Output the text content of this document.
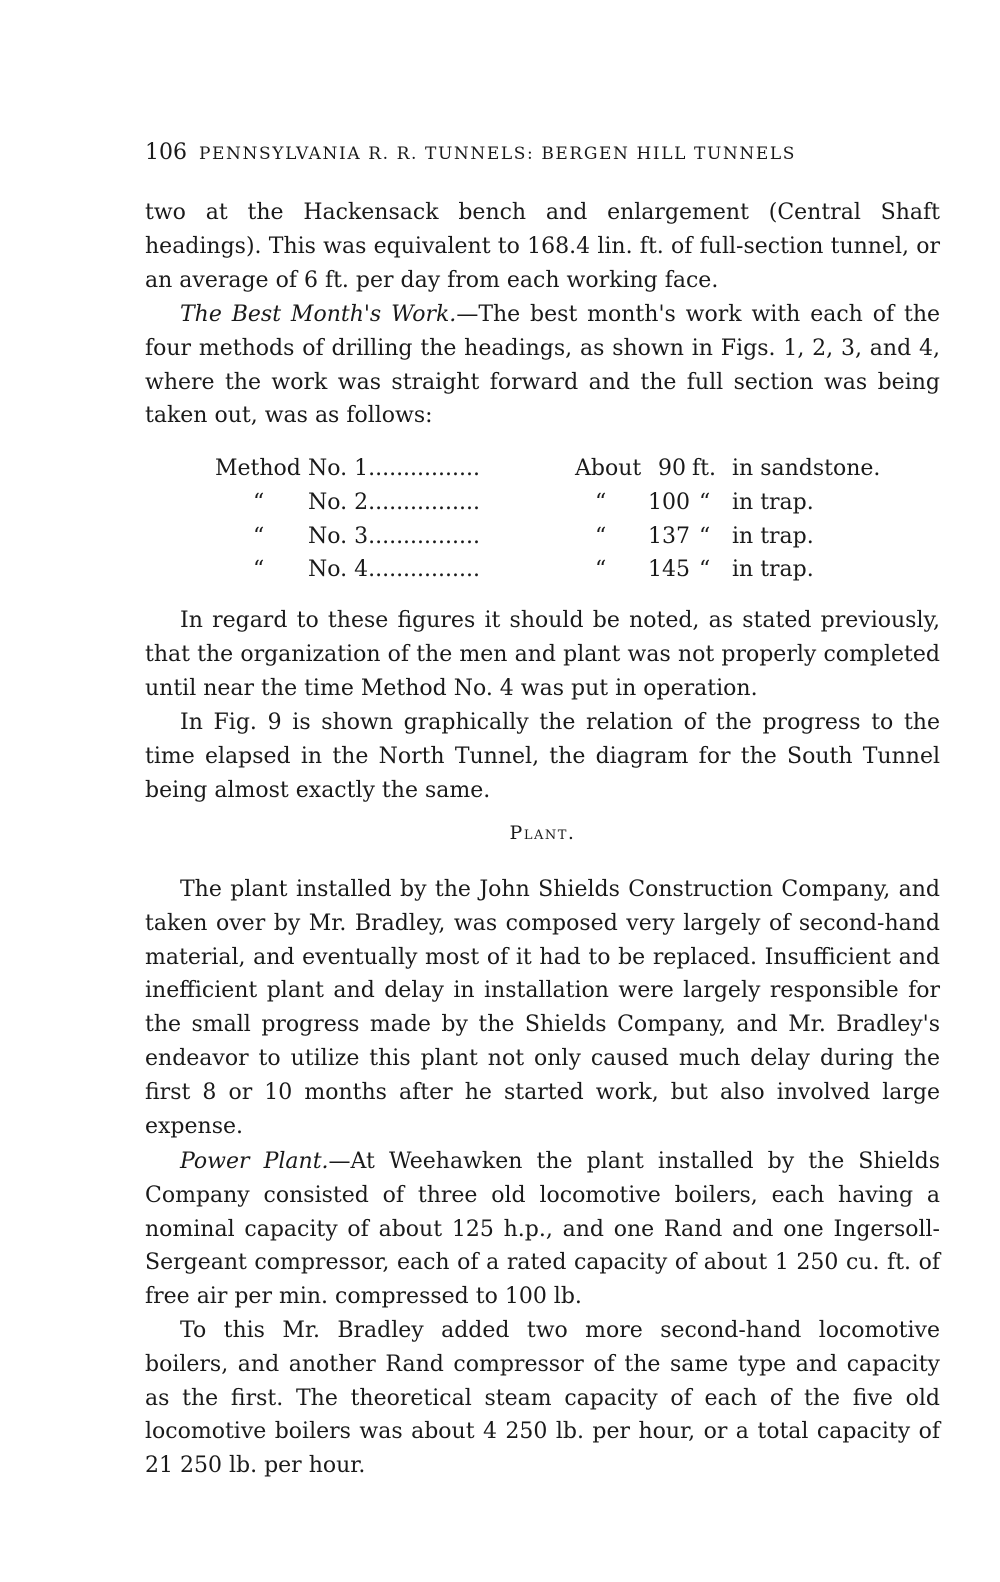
106 PENNSYLVANIA R. R. TUNNELS: BERGEN HILL TUNNELS

two at the Hackensack bench and enlargement (Central Shaft headings). This was equivalent to 168.4 lin. ft. of full-section tunnel, or an average of 6 ft. per day from each working face.

The Best Month's Work.—The best month's work with each of the four methods of drilling the headings, as shown in Figs. 1, 2, 3, and 4, where the work was straight forward and the full section was being taken out, was as follows:

Method No. 1................	About 90 ft. in sandstone.
“ No. 2................	“ 100 “ in trap.
“ No. 3................	“ 137 “ in trap.
“ No. 4................	“ 145 “ in trap.

In regard to these figures it should be noted, as stated previously, that the organization of the men and plant was not properly completed until near the time Method No. 4 was put in operation.

In Fig. 9 is shown graphically the relation of the progress to the time elapsed in the North Tunnel, the diagram for the South Tunnel being almost exactly the same.

Plant.

The plant installed by the John Shields Construction Company, and taken over by Mr. Bradley, was composed very largely of second-hand material, and eventually most of it had to be replaced. Insufficient and inefficient plant and delay in installation were largely responsible for the small progress made by the Shields Company, and Mr. Bradley's endeavor to utilize this plant not only caused much delay during the first 8 or 10 months after he started work, but also involved large expense.

Power Plant.—At Weehawken the plant installed by the Shields Company consisted of three old locomotive boilers, each having a nominal capacity of about 125 h.p., and one Rand and one Ingersoll-Sergeant compressor, each of a rated capacity of about 1 250 cu. ft. of free air per min. compressed to 100 lb.

To this Mr. Bradley added two more second-hand locomotive boilers, and another Rand compressor of the same type and capacity as the first. The theoretical steam capacity of each of the five old locomotive boilers was about 4 250 lb. per hour, or a total capacity of 21 250 lb. per hour.
